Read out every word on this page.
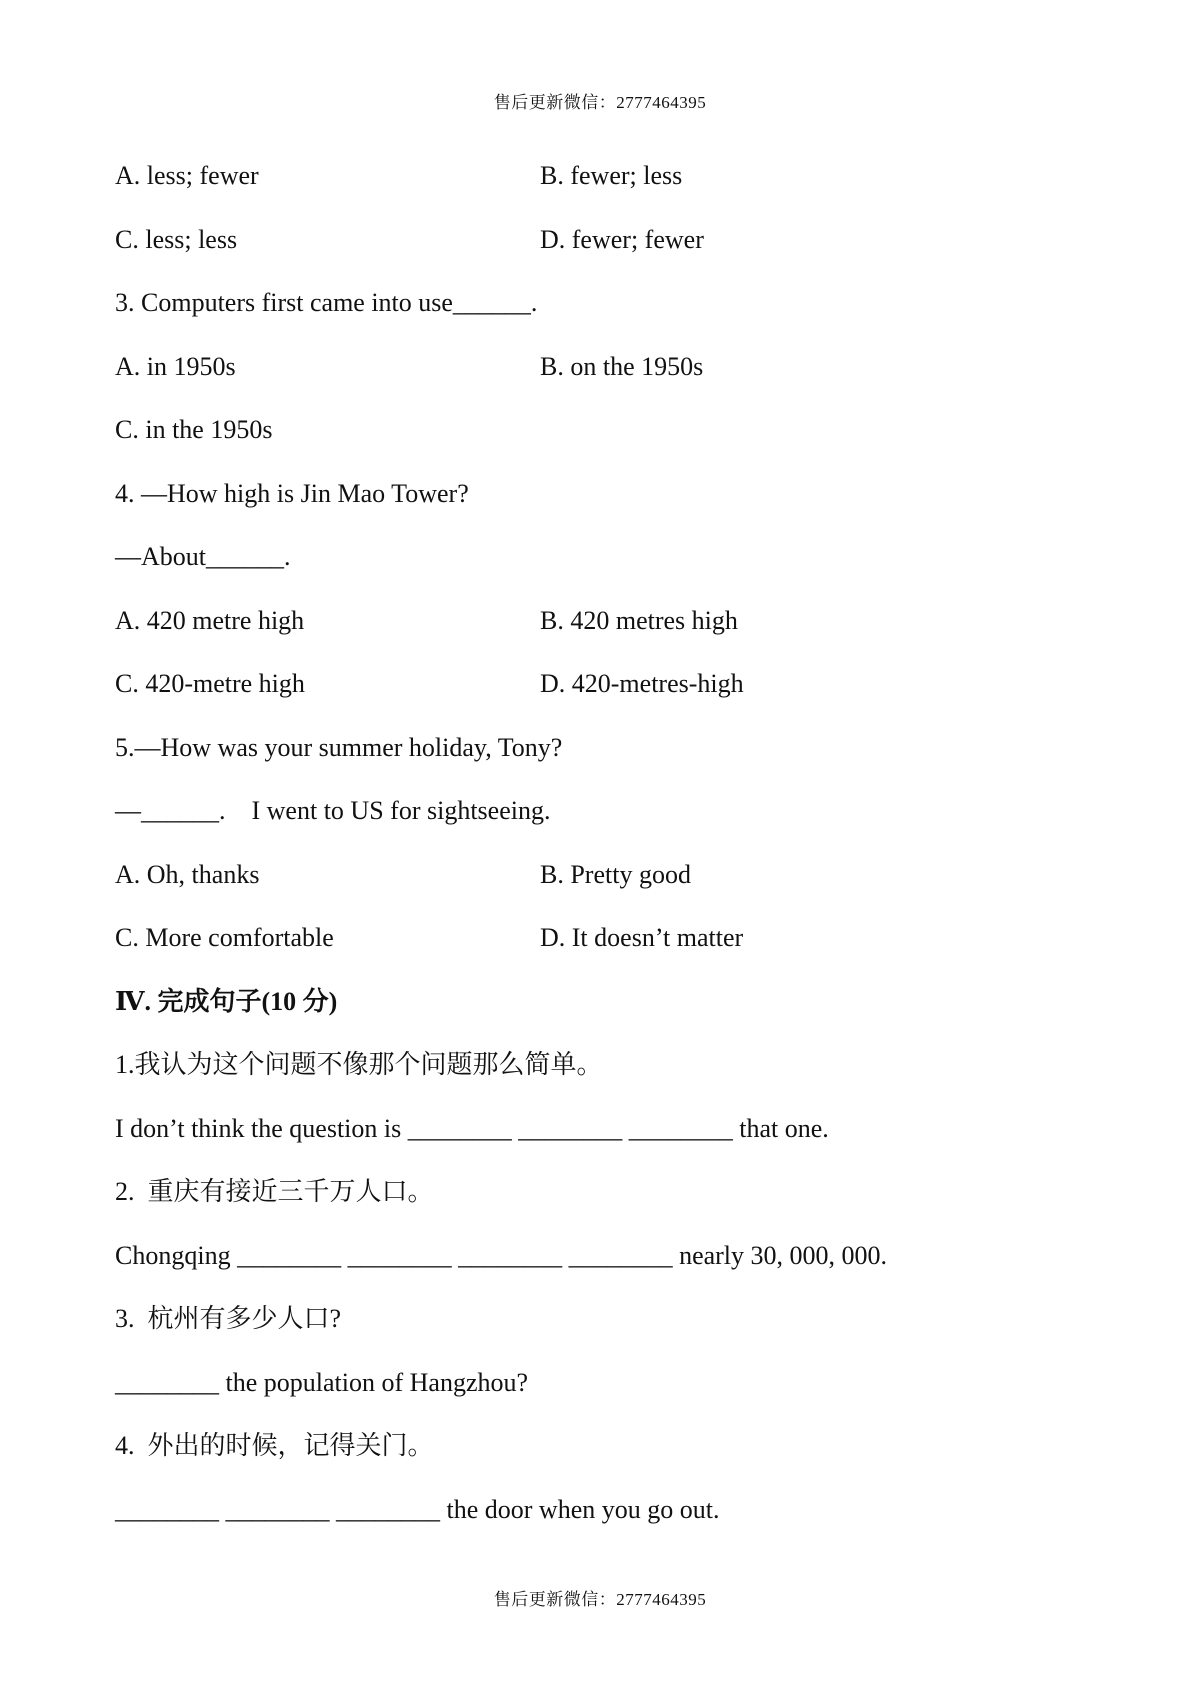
售后更新微信：2777464395
A. less; fewer	B. fewer; less
C. less; less	D. fewer; fewer
3. Computers first came into use______.
A. in 1950s	B. on the 1950s
C. in the 1950s
4. —How high is Jin Mao Tower?
—About______.
A. 420 metre high	B. 420 metres high
C. 420-metre high	D. 420-metres-high
5.—How was your summer holiday, Tony?
—______.    I went to US for sightseeing.
A. Oh, thanks	B. Pretty good
C. More comfortable	D. It doesn’t matter
Ⅳ. 完成句子(10 分)
1.我认为这个问题不像那个问题那么简单。
I don’t think the question is ________ ________ ________ that one.
2.  重庆有接近三千万人口。
Chongqing ________ ________ ________ ________ nearly 30, 000, 000.
3.  杭州有多少人口?
________ the population of Hangzhou?
4.  外出的时候，记得关门。
________ ________ ________ the door when you go out.
售后更新微信：2777464395
